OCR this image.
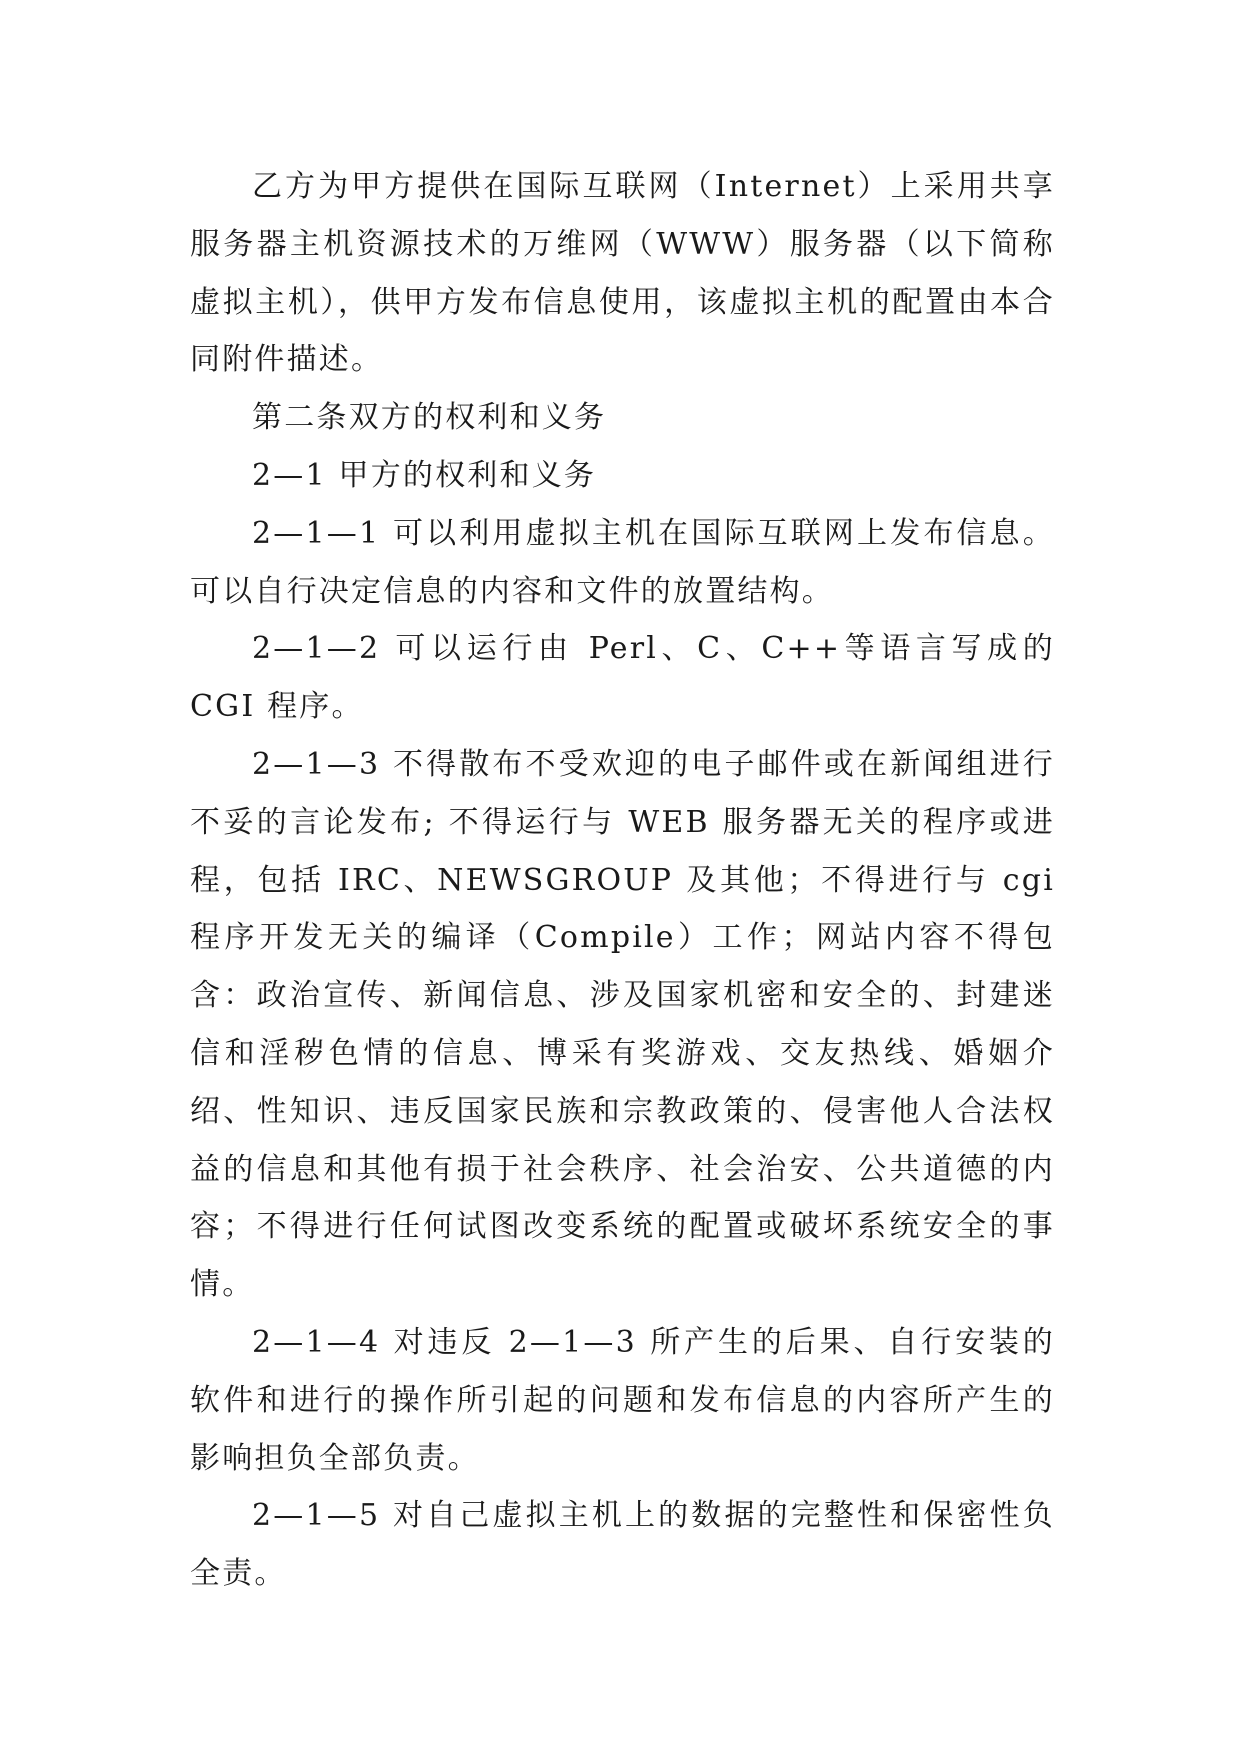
乙方为甲方提供在国际互联网（Internet）上采用共享服务器主机资源技术的万维网（WWW）服务器（以下简称虚拟主机），供甲方发布信息使用，该虚拟主机的配置由本合同附件描述。

第二条双方的权利和义务

2—1 甲方的权利和义务

2—1—1 可以利用虚拟主机在国际互联网上发布信息。可以自行决定信息的内容和文件的放置结构。

2—1—2 可以运行由 Perl、C、C++等语言写成的 CGI 程序。

2—1—3 不得散布不受欢迎的电子邮件或在新闻组进行不妥的言论发布; 不得运行与 WEB 服务器无关的程序或进程，包括 IRC、NEWSGROUP 及其他；不得进行与 cgi 程序开发无关的编译（Compile）工作；网站内容不得包含：政治宣传、新闻信息、涉及国家机密和安全的、封建迷信和淫秽色情的信息、博采有奖游戏、交友热线、婚姻介绍、性知识、违反国家民族和宗教政策的、侵害他人合法权益的信息和其他有损于社会秩序、社会治安、公共道德的内容；不得进行任何试图改变系统的配置或破坏系统安全的事情。

2—1—4 对违反 2—1—3 所产生的后果、自行安装的软件和进行的操作所引起的问题和发布信息的内容所产生的影响担负全部负责。

2—1—5 对自己虚拟主机上的数据的完整性和保密性负全责。
